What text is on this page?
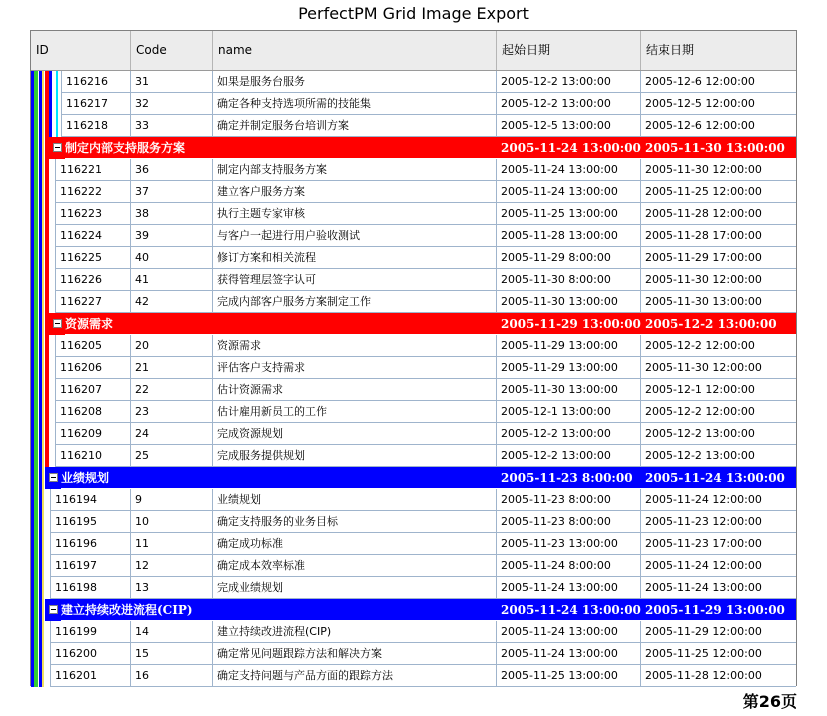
PerfectPM Grid Image Export
ID	Code	name	起始日期	结束日期
116216	31	如果是服务台服务	2005-12-2 13:00:00	2005-12-6 12:00:00
116217	32	确定各种支持选项所需的技能集	2005-12-2 13:00:00	2005-12-5 12:00:00
116218	33	确定并制定服务台培训方案	2005-12-5 13:00:00	2005-12-6 12:00:00
制定内部支持服务方案	2005-11-24 13:00:00 2005-11-30 13:00:00
116221	36	制定内部支持服务方案	2005-11-24 13:00:00	2005-11-30 12:00:00
116222	37	建立客户服务方案	2005-11-24 13:00:00	2005-11-25 12:00:00
116223	38	执行主题专家审核	2005-11-25 13:00:00	2005-11-28 12:00:00
116224	39	与客户一起进行用户验收测试	2005-11-28 13:00:00	2005-11-28 17:00:00
116225	40	修订方案和相关流程	2005-11-29 8:00:00	2005-11-29 17:00:00
116226	41	获得管理层签字认可	2005-11-30 8:00:00	2005-11-30 12:00:00
116227	42	完成内部客户服务方案制定工作	2005-11-30 13:00:00	2005-11-30 13:00:00
资源需求	2005-11-29 13:00:00 2005-12-2 13:00:00
116205	20	资源需求	2005-11-29 13:00:00	2005-12-2 12:00:00
116206	21	评估客户支持需求	2005-11-29 13:00:00	2005-11-30 12:00:00
116207	22	估计资源需求	2005-11-30 13:00:00	2005-12-1 12:00:00
116208	23	估计雇用新员工的工作	2005-12-1 13:00:00	2005-12-2 12:00:00
116209	24	完成资源规划	2005-12-2 13:00:00	2005-12-2 13:00:00
116210	25	完成服务提供规划	2005-12-2 13:00:00	2005-12-2 13:00:00
业绩规划	2005-11-23 8:00:00	2005-11-24 13:00:00
116194	9	业绩规划	2005-11-23 8:00:00	2005-11-24 12:00:00
116195	10	确定支持服务的业务目标	2005-11-23 8:00:00	2005-11-23 12:00:00
116196	11	确定成功标准	2005-11-23 13:00:00	2005-11-23 17:00:00
116197	12	确定成本效率标准	2005-11-24 8:00:00	2005-11-24 12:00:00
116198	13	完成业绩规划	2005-11-24 13:00:00	2005-11-24 13:00:00
建立持续改进流程(CIP)	2005-11-24 13:00:00 2005-11-29 13:00:00
116199	14	建立持续改进流程(CIP)	2005-11-24 13:00:00	2005-11-29 12:00:00
116200	15	确定常见问题跟踪方法和解决方案	2005-11-24 13:00:00	2005-11-25 12:00:00
116201	16	确定支持问题与产品方面的跟踪方法	2005-11-25 13:00:00	2005-11-28 12:00:00
第26页
